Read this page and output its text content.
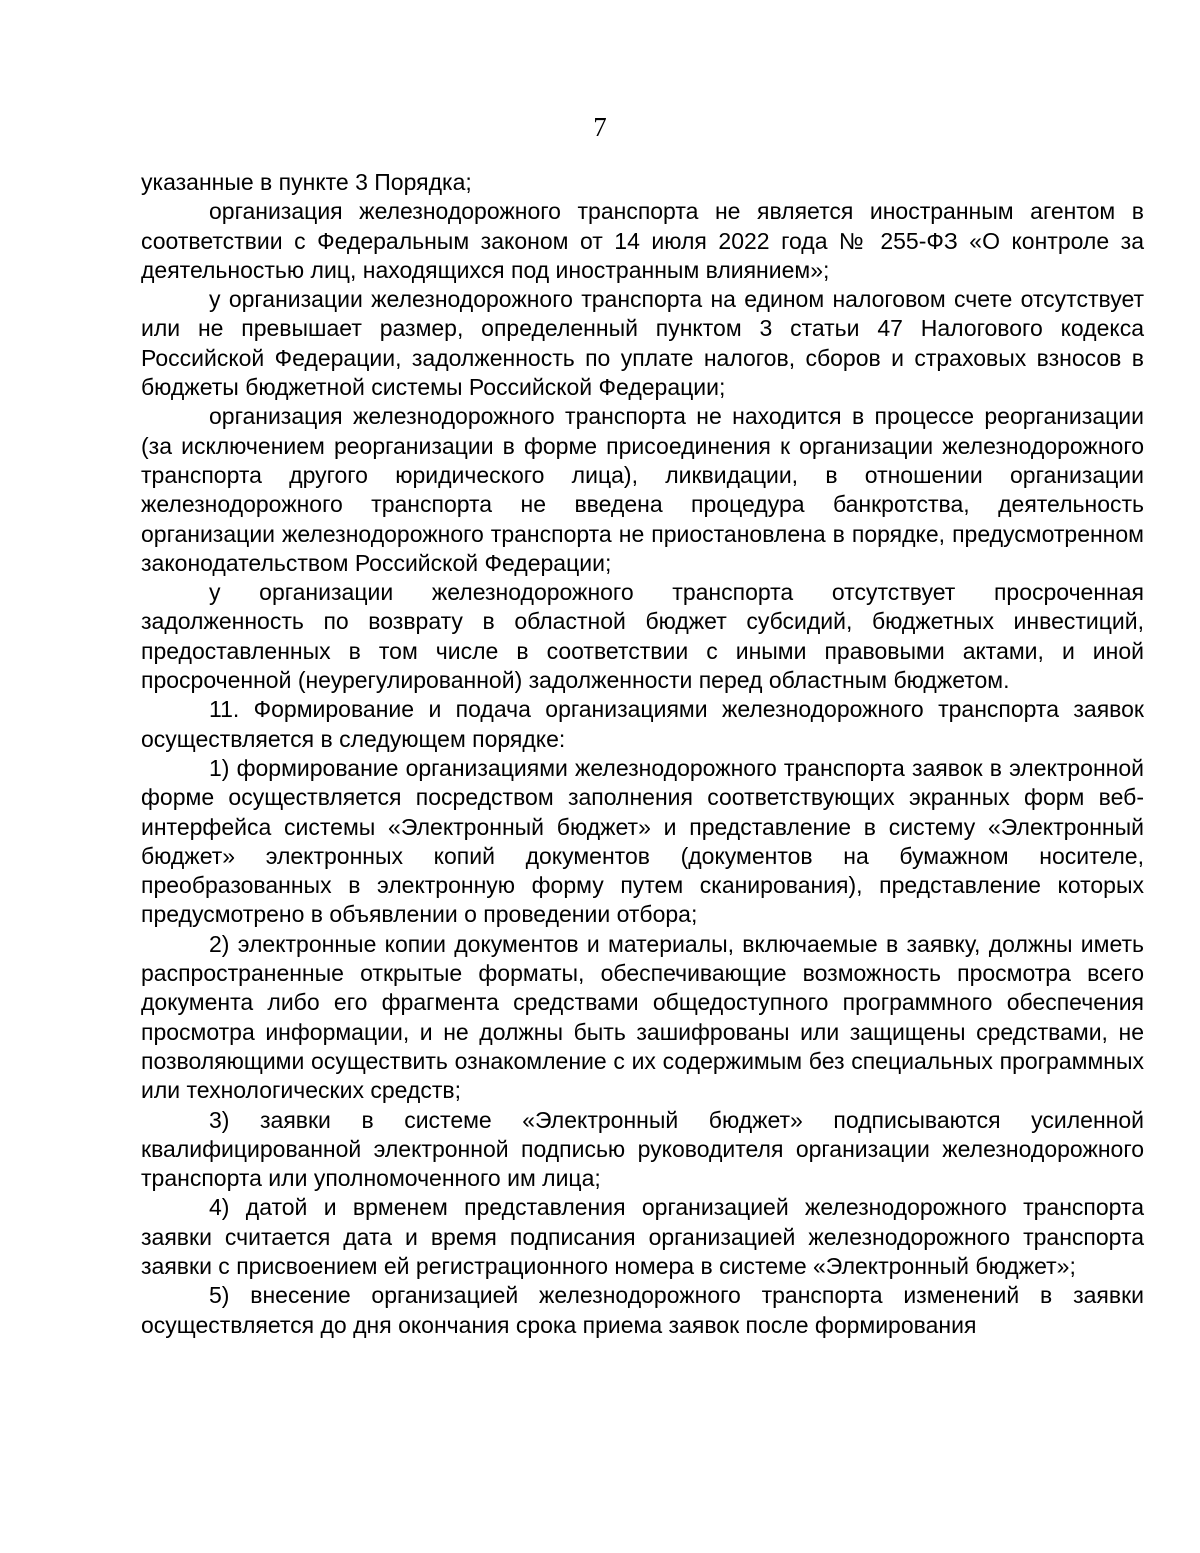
7

указанные в пункте 3 Порядка;

организация железнодорожного транспорта не является иностранным агентом в соответствии с Федеральным законом от 14 июля 2022 года № 255-ФЗ «О контроле за деятельностью лиц, находящихся под иностранным влиянием»;

у организации железнодорожного транспорта на едином налоговом счете отсутствует или не превышает размер, определенный пунктом 3 статьи 47 Налогового кодекса Российской Федерации, задолженность по уплате налогов, сборов и страховых взносов в бюджеты бюджетной системы Российской Федерации;

организация железнодорожного транспорта не находится в процессе реорганизации (за исключением реорганизации в форме присоединения к организации железнодорожного транспорта другого юридического лица), ликвидации, в отношении организации железнодорожного транспорта не введена процедура банкротства, деятельность организации железнодорожного транспорта не приостановлена в порядке, предусмотренном законодательством Российской Федерации;

у организации железнодорожного транспорта отсутствует просроченная задолженность по возврату в областной бюджет субсидий, бюджетных инвестиций, предоставленных в том числе в соответствии с иными правовыми актами, и иной просроченной (неурегулированной) задолженности перед областным бюджетом.

11. Формирование и подача организациями железнодорожного транспорта заявок осуществляется в следующем порядке:

1) формирование организациями железнодорожного транспорта заявок в электронной форме осуществляется посредством заполнения соответствующих экранных форм веб-интерфейса системы «Электронный бюджет» и представление в систему «Электронный бюджет» электронных копий документов (документов на бумажном носителе, преобразованных в электронную форму путем сканирования), представление которых предусмотрено в объявлении о проведении отбора;

2) электронные копии документов и материалы, включаемые в заявку, должны иметь распространенные открытые форматы, обеспечивающие возможность просмотра всего документа либо его фрагмента средствами общедоступного программного обеспечения просмотра информации, и не должны быть зашифрованы или защищены средствами, не позволяющими осуществить ознакомление с их содержимым без специальных программных или технологических средств;

3) заявки в системе «Электронный бюджет» подписываются усиленной квалифицированной электронной подписью руководителя организации железнодорожного транспорта или уполномоченного им лица;

4) датой и врменем представления организацией железнодорожного транспорта заявки считается дата и время подписания организацией железнодорожного транспорта заявки с присвоением ей регистрационного номера в системе «Электронный бюджет»;

5) внесение организацией железнодорожного транспорта изменений в заявки осуществляется до дня окончания срока приема заявок после формирования
